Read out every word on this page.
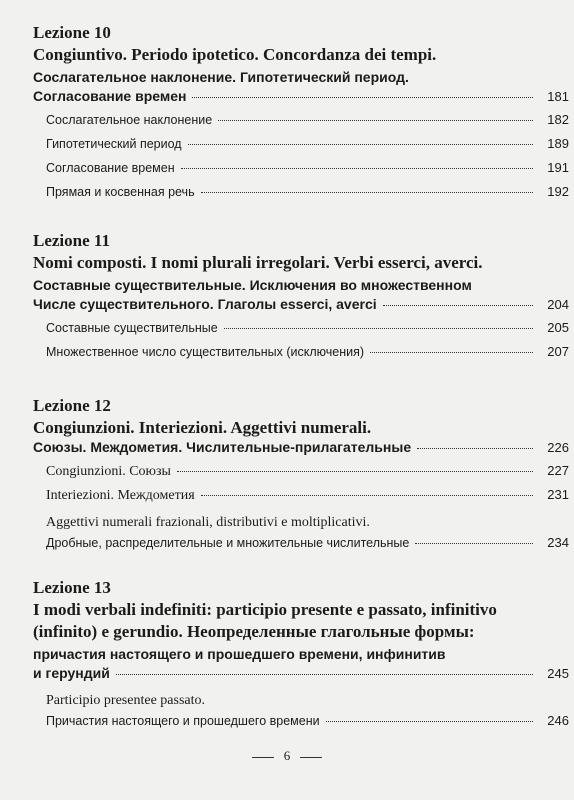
Lezione 10
Congiuntivo. Periodo ipotetico. Concordanza dei tempi.
Сослагательное наклонение. Гипотетический период.
Согласование времен	181
Сослагательное наклонение	182
Гипотетический период	189
Согласование времен	191
Прямая и косвенная речь	192
Lezione 11
Nomi composti. I nomi plurali irregolari. Verbi esserci, averci.
Составные существительные. Исключения во множественном
Числе существительного. Глаголы esserci, averci	204
Составные существительные	205
Множественное число существительных (исключения)	207
Lezione 12
Congiunzioni. Interiezioni. Aggettivi numerali.
Союзы. Междометия. Числительные-прилагательные	226
Congiunzioni. Союзы	227
Interiezioni. Междометия	231
Aggettivi numerali frazionali, distributivi e moltiplicativi.
Дробные, распределительные и множительные числительные	234
Lezione 13
I modi verbali indefiniti: participio presente e passato, infinitivo
(infinito) e gerundio. Неопределенные глагольные формы:
причастия настоящего и прошедшего времени, инфинитив
и герундий	245
Participio presentee passato.
Причастия настоящего и прошедшего времени	246
6
